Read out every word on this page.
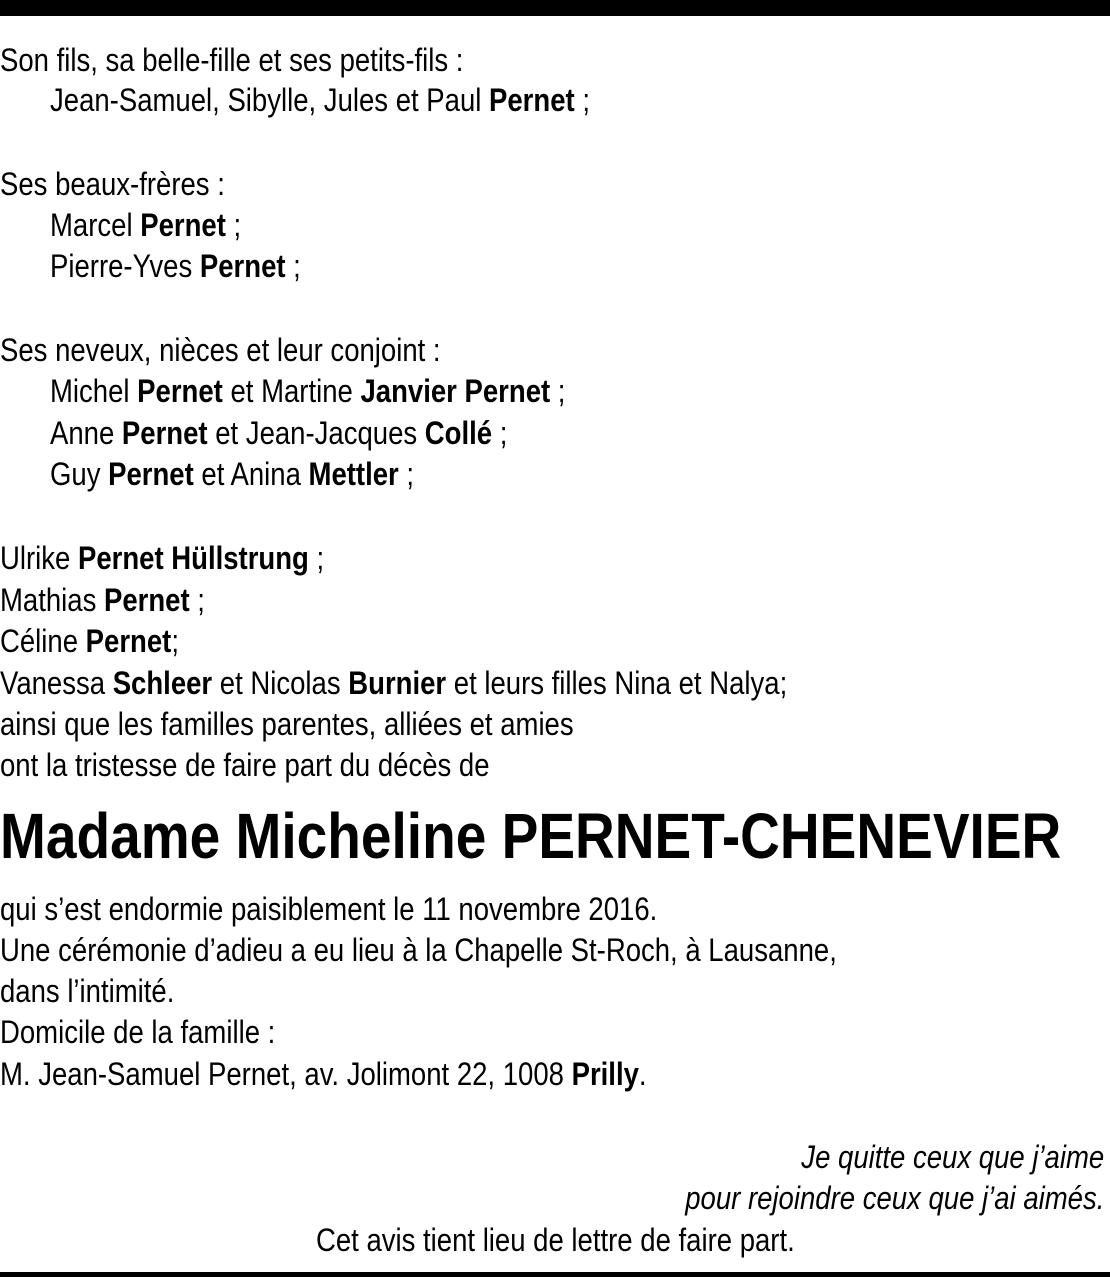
Son fils, sa belle-fille et ses petits-fils :
Jean-Samuel, Sibylle, Jules et Paul Pernet ;
Ses beaux-frères :
Marcel Pernet ;
Pierre-Yves Pernet ;
Ses neveux, nièces et leur conjoint :
Michel Pernet et Martine Janvier Pernet ;
Anne Pernet et Jean-Jacques Collé ;
Guy Pernet et Anina Mettler ;
Ulrike Pernet Hüllstrung ;
Mathias Pernet ;
Céline Pernet;
Vanessa Schleer et Nicolas Burnier et leurs filles Nina et Nalya;
ainsi que les familles parentes, alliées et amies
ont la tristesse de faire part du décès de
Madame Micheline PERNET-CHENEVIER
qui s’est endormie paisiblement le 11 novembre 2016.
Une cérémonie d’adieu a eu lieu à la Chapelle St-Roch, à Lausanne,
dans l’intimité.
Domicile de la famille :
M. Jean-Samuel Pernet, av. Jolimont 22, 1008 Prilly.
Je quitte ceux que j’aime
pour rejoindre ceux que j’ai aimés.
Cet avis tient lieu de lettre de faire part.
